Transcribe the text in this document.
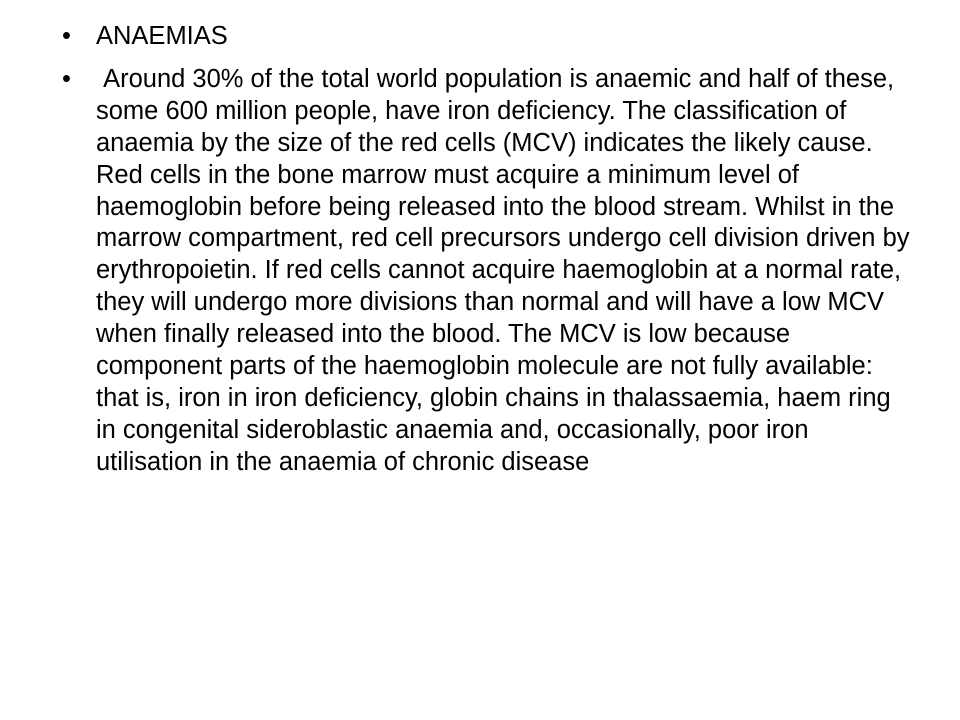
• ANAEMIAS
• Around 30% of the total world population is anaemic and half of these, some 600 million people, have iron deficiency. The classification of anaemia by the size of the red cells (MCV) indicates the likely cause. Red cells in the bone marrow must acquire a minimum level of haemoglobin before being released into the blood stream. Whilst in the marrow compartment, red cell precursors undergo cell division driven by erythropoietin. If red cells cannot acquire haemoglobin at a normal rate, they will undergo more divisions than normal and will have a low MCV when finally released into the blood. The MCV is low because component parts of the haemoglobin molecule are not fully available: that is, iron in iron deficiency, globin chains in thalassaemia, haem ring in congenital sideroblastic anaemia and, occasionally, poor iron utilisation in the anaemia of chronic disease
